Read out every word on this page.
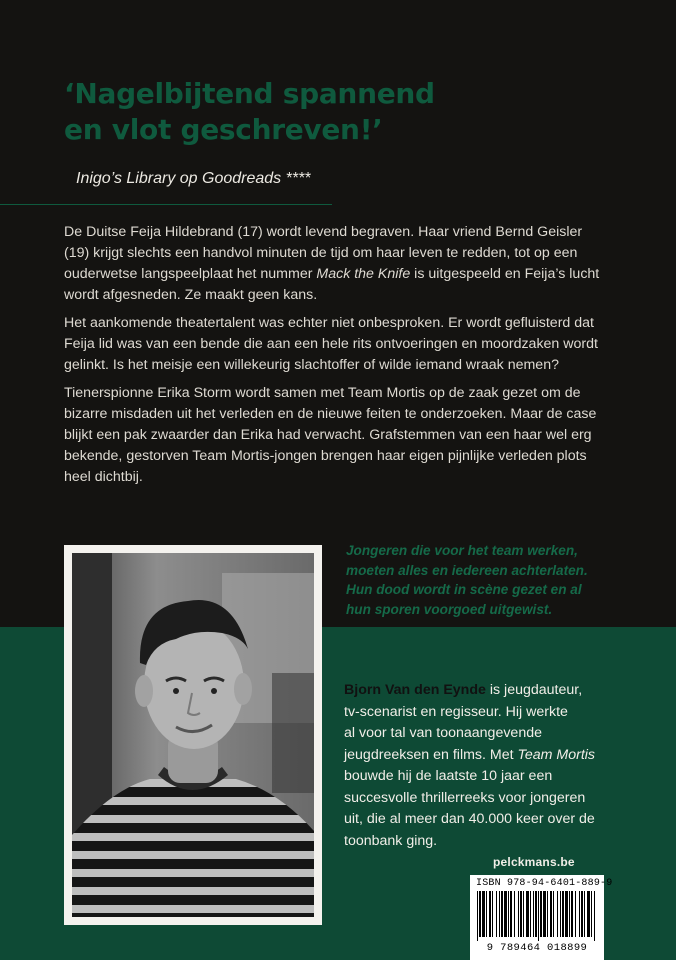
‘Nagelbijtend spannend
en vlot geschreven!’
Inigo’s Library op Goodreads ****

De Duitse Feija Hildebrand (17) wordt levend begraven. Haar vriend Bernd Geisler (19) krijgt slechts een handvol minuten de tijd om haar leven te redden, tot op een ouderwetse langspeelplaat het nummer Mack the Knife is uitgespeeld en Feija’s lucht wordt afgesneden. Ze maakt geen kans.

Het aankomende theatertalent was echter niet onbesproken. Er wordt gefluisterd dat Feija lid was van een bende die aan een hele rits ontvoeringen en moordzaken wordt gelinkt. Is het meisje een willekeurig slachtoffer of wilde iemand wraak nemen?

Tienerspionne Erika Storm wordt samen met Team Mortis op de zaak gezet om de bizarre misdaden uit het verleden en de nieuwe feiten te onderzoeken. Maar de case blijkt een pak zwaarder dan Erika had verwacht. Grafstemmen van een haar wel erg bekende, gestorven Team Mortis-jongen brengen haar eigen pijnlijke verleden plots heel dichtbij.

Jongeren die voor het team werken,
moeten alles en iedereen achterlaten.
Hun dood wordt in scène gezet en al
hun sporen voorgoed uitgewist.

Bjorn Van den Eynde is jeugdauteur,
tv-scenarist en regisseur. Hij werkte
al voor tal van toonaangevende
jeugdreeksen en films. Met Team Mortis
bouwde hij de laatste 10 jaar een
succesvolle thrillerreeks voor jongeren
uit, die al meer dan 40.000 keer over de
toonbank ging.

pelckmans.be
ISBN 978-94-6401-889-9
9 789464 018899
